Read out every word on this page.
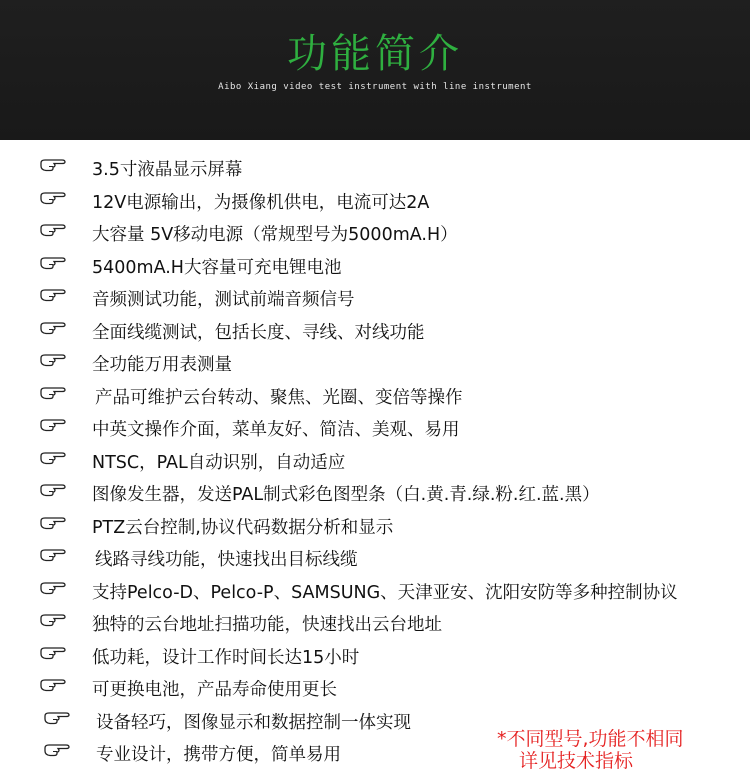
功能简介
Aibo Xiang video test instrument with line instrument
3.5寸液晶显示屏幕
12V电源输出，为摄像机供电，电流可达2A
大容量 5V移动电源（常规型号为5000mA.H）
5400mA.H大容量可充电锂电池
音频测试功能，测试前端音频信号
全面线缆测试，包括长度、寻线、对线功能
全功能万用表测量
产品可维护云台转动、聚焦、光圈、变倍等操作
中英文操作介面，菜单友好、简洁、美观、易用
NTSC，PAL自动识别，自动适应
图像发生器，发送PAL制式彩色图型条（白.黄.青.绿.粉.红.蓝.黑）
PTZ云台控制,协议代码数据分析和显示
线路寻线功能，快速找出目标线缆
支持Pelco-D、Pelco-P、SAMSUNG、天津亚安、沈阳安防等多种控制协议
独特的云台地址扫描功能，快速找出云台地址
低功耗，设计工作时间长达15小时
可更换电池，产品寿命使用更长
设备轻巧，图像显示和数据控制一体实现
专业设计，携带方便，简单易用
*不同型号,功能不相同
详见技术指标
